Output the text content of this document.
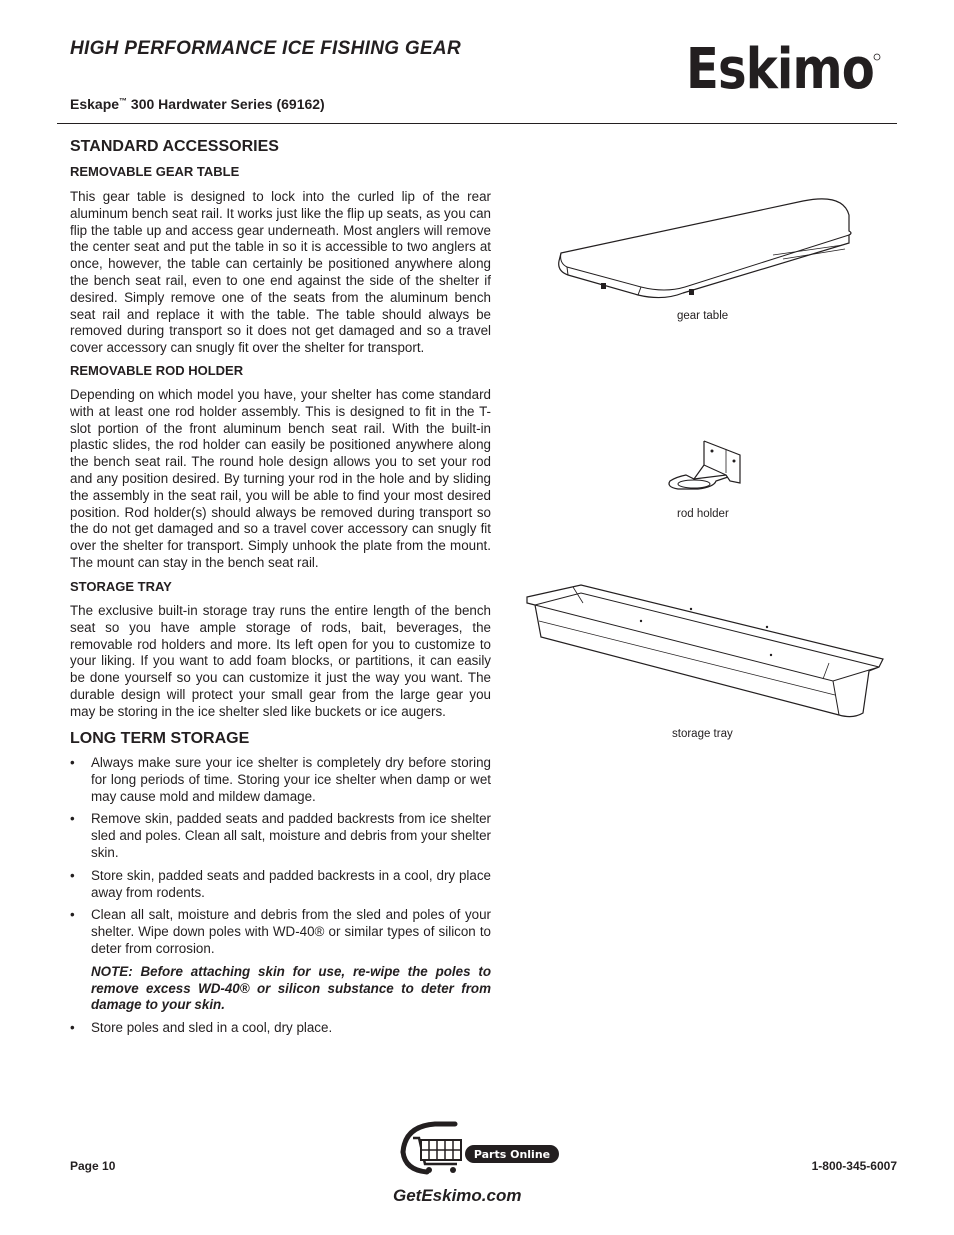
HIGH PERFORMANCE ICE FISHING GEAR
Eskape™ 300 Hardwater Series (69162)
Eskimo
STANDARD ACCESSORIES
REMOVABLE GEAR TABLE

This gear table is designed to lock into the curled lip of the rear aluminum bench seat rail. It works just like the flip up seats, as you can flip the table up and access gear underneath. Most anglers will remove the center seat and put the table in so it is accessible to two anglers at once, however, the table can certainly be positioned anywhere along the bench seat rail, even to one end against the side of the shelter if desired. Simply remove one of the seats from the aluminum bench seat rail and replace it with the table. The table should always be removed during transport so it does not get damaged and so a travel cover accessory can snugly fit over the shelter for transport.

REMOVABLE ROD HOLDER

Depending on which model you have, your shelter has come standard with at least one rod holder assembly. This is designed to fit in the T-slot portion of the front aluminum bench seat rail. With the built-in plastic slides, the rod holder can easily be positioned anywhere along the bench seat rail. The round hole design allows you to set your rod and any position desired. By turning your rod in the hole and by sliding the assembly in the seat rail, you will be able to find your most desired position. Rod holder(s) should always be removed during transport so the do not get damaged and so a travel cover accessory can snugly fit over the shelter for transport. Simply unhook the plate from the mount. The mount can stay in the bench seat rail.

STORAGE TRAY

The exclusive built-in storage tray runs the entire length of the bench seat so you have ample storage of rods, bait, beverages, the removable rod holders and more. Its left open for you to customize to your liking. If you want to add foam blocks, or partitions, it can easily be done yourself so you can customize it just the way you want. The durable design will protect your small gear from the large gear you may be storing in the ice shelter sled like buckets or ice augers.

LONG TERM STORAGE
• Always make sure your ice shelter is completely dry before storing for long periods of time. Storing your ice shelter when damp or wet may cause mold and mildew damage.
• Remove skin, padded seats and padded backrests from ice shelter sled and poles. Clean all salt, moisture and debris from your shelter skin.
• Store skin, padded seats and padded backrests in a cool, dry place away from rodents.
• Clean all salt, moisture and debris from the sled and poles of your shelter. Wipe down poles with WD-40® or similar types of silicon to deter from corrosion.

NOTE: Before attaching skin for use, re-wipe the poles to remove excess WD-40® or silicon substance to deter from damage to your skin.

• Store poles and sled in a cool, dry place.
gear table
rod holder
storage tray
Page 10	1-800-345-6007
Parts Online
GetEskimo.com
